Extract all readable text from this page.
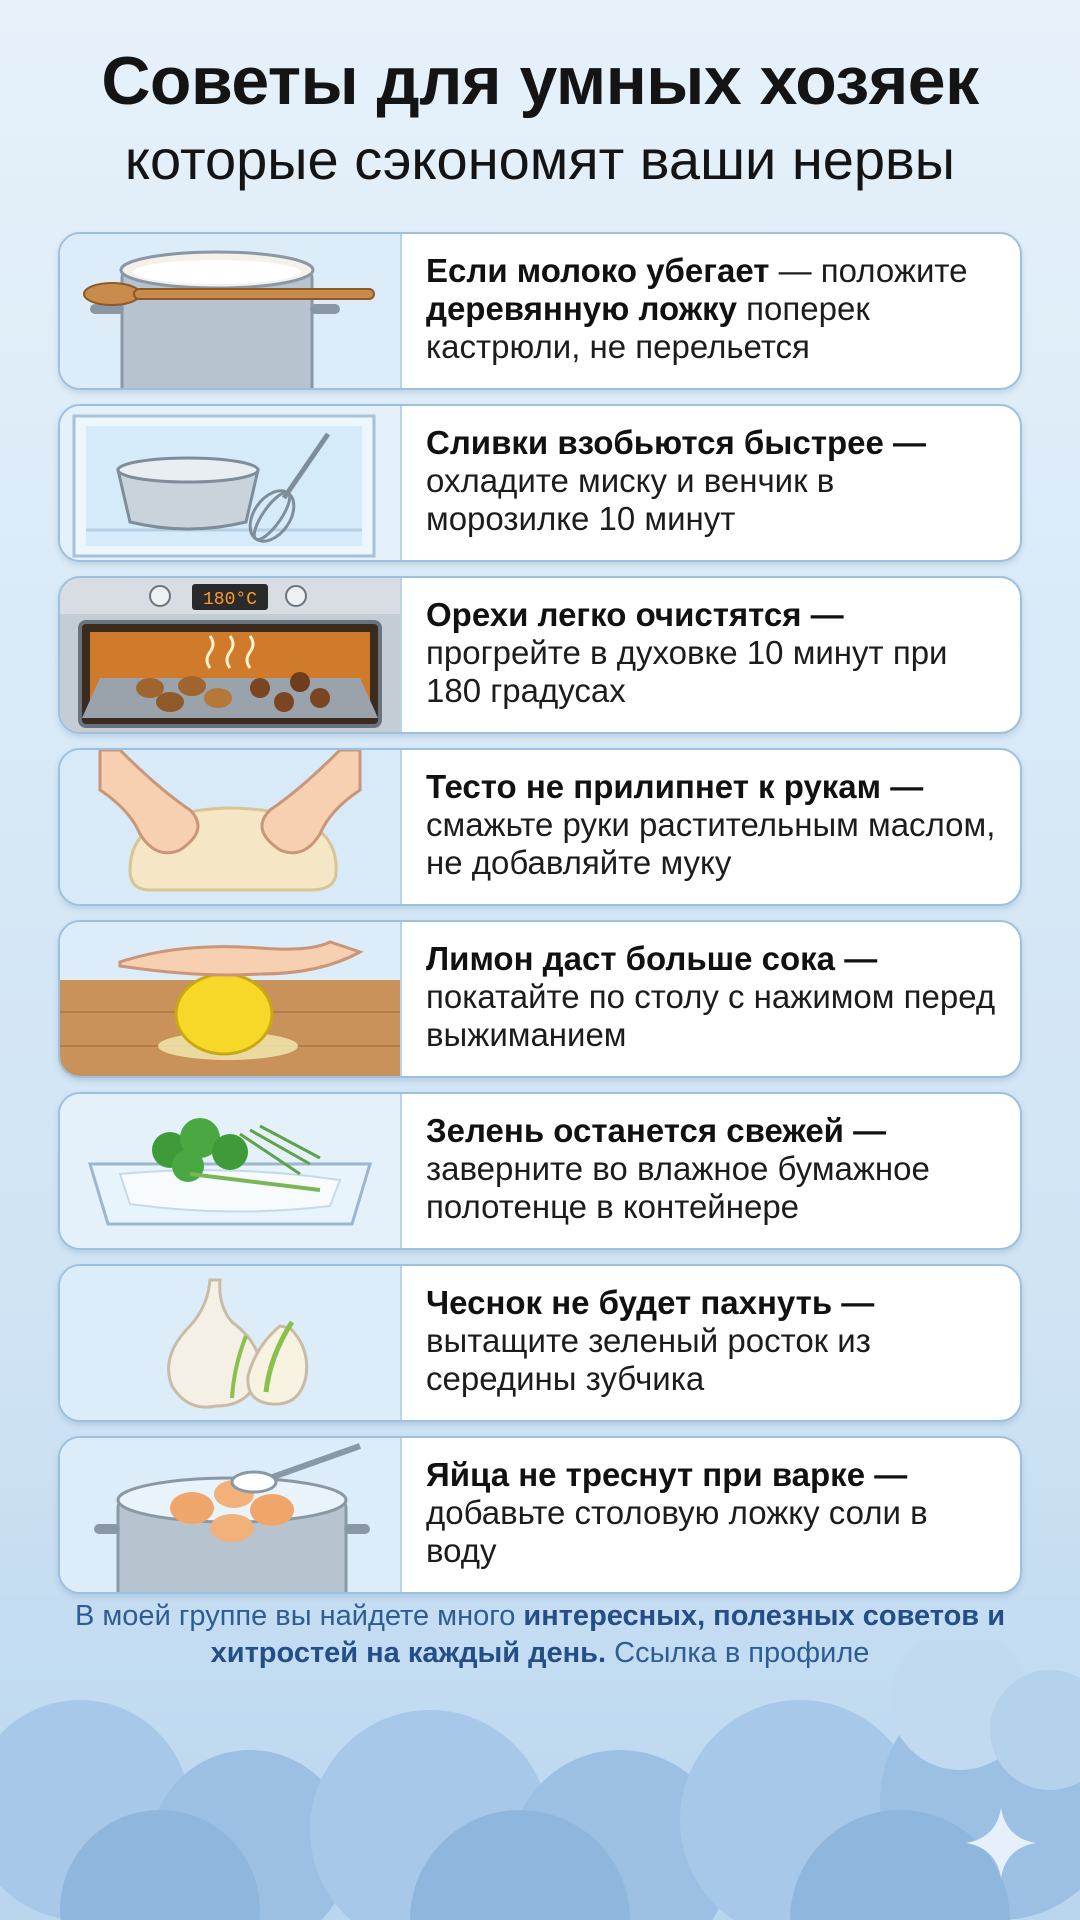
Советы для умных хозяек
которые сэкономят ваши нервы
Если молоко убегает — положите деревянную ложку поперек кастрюли, не перельется
Сливки взобьются быстрее — охладите миску и венчик в морозилке 10 минут
180°C	Орехи легко очистятся — прогрейте в духовке 10 минут при 180 градусах
Тесто не прилипнет к рукам — смажьте руки растительным маслом, не добавляйте муку
Лимон даст больше сока — покатайте по столу с нажимом перед выжиманием
Зелень останется свежей — заверните во влажное бумажное полотенце в контейнере
Чеснок не будет пахнуть — вытащите зеленый росток из середины зубчика
Яйца не треснут при варке — добавьте столовую ложку соли в воду
В моей группе вы найдете много интересных, полезных советов и хитростей на каждый день. Ссылка в профиле
